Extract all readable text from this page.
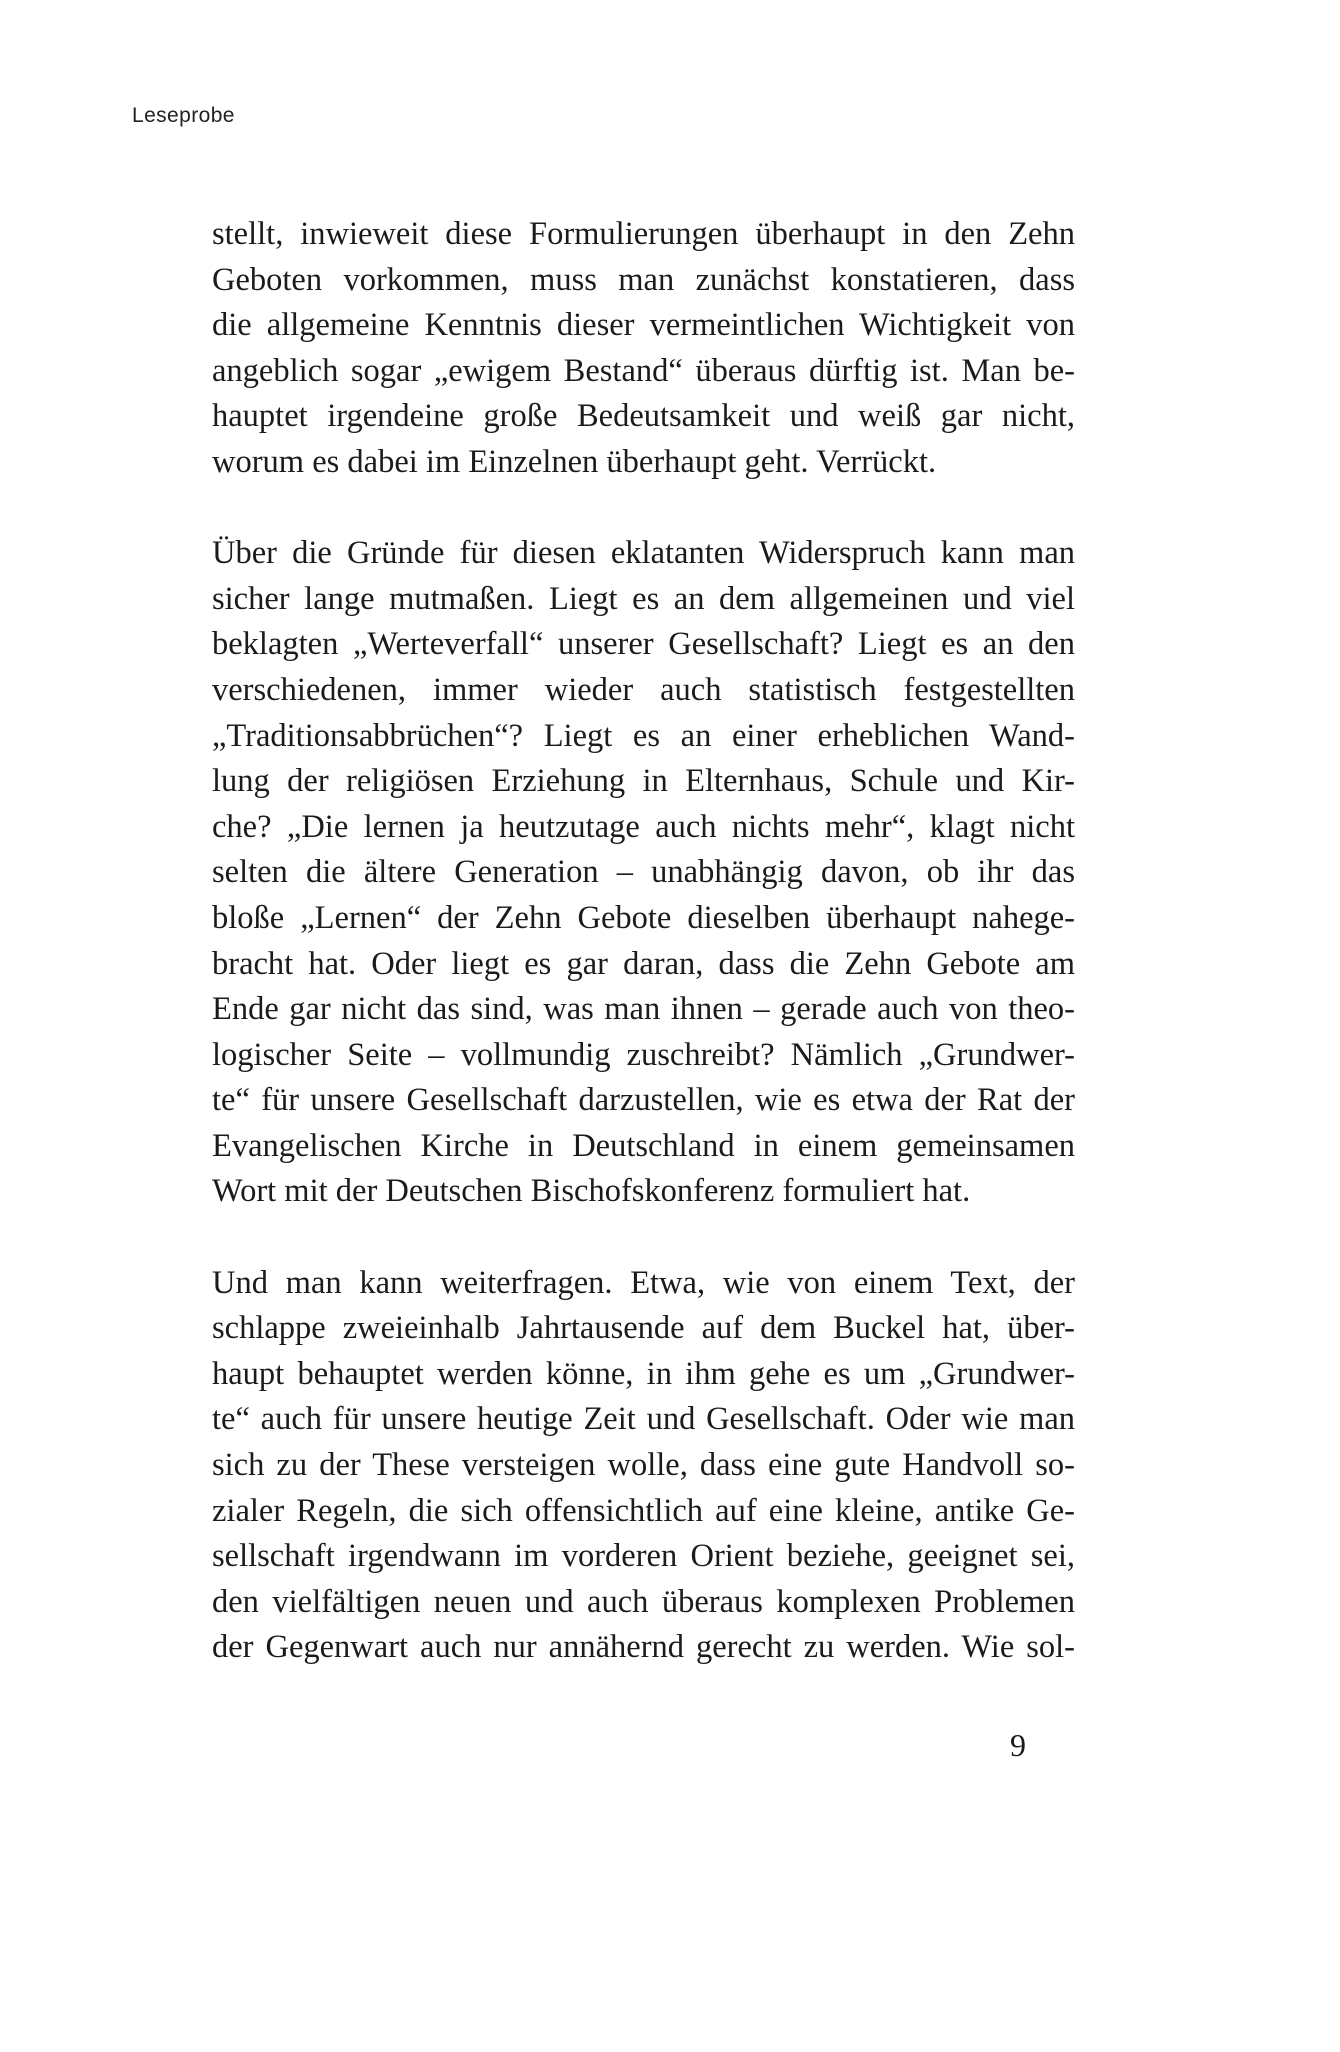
Leseprobe
stellt, inwieweit diese Formulierungen überhaupt in den Zehn
Geboten vorkommen, muss man zunächst konstatieren, dass
die allgemeine Kenntnis dieser vermeintlichen Wichtigkeit von
angeblich sogar „ewigem Bestand“ überaus dürftig ist. Man be-
hauptet irgendeine große Bedeutsamkeit und weiß gar nicht,
worum es dabei im Einzelnen überhaupt geht. Verrückt.
Über die Gründe für diesen eklatanten Widerspruch kann man
sicher lange mutmaßen. Liegt es an dem allgemeinen und viel
beklagten „Werteverfall“ unserer Gesellschaft? Liegt es an den
verschiedenen, immer wieder auch statistisch festgestellten
„Traditionsabbrüchen“? Liegt es an einer erheblichen Wand-
lung der religiösen Erziehung in Elternhaus, Schule und Kir-
che? „Die lernen ja heutzutage auch nichts mehr“, klagt nicht
selten die ältere Generation – unabhängig davon, ob ihr das
bloße „Lernen“ der Zehn Gebote dieselben überhaupt nahege-
bracht hat. Oder liegt es gar daran, dass die Zehn Gebote am
Ende gar nicht das sind, was man ihnen – gerade auch von theo-
logischer Seite – vollmundig zuschreibt? Nämlich „Grundwer-
te“ für unsere Gesellschaft darzustellen, wie es etwa der Rat der
Evangelischen Kirche in Deutschland in einem gemeinsamen
Wort mit der Deutschen Bischofskonferenz formuliert hat.
Und man kann weiterfragen. Etwa, wie von einem Text, der
schlappe zweieinhalb Jahrtausende auf dem Buckel hat, über-
haupt behauptet werden könne, in ihm gehe es um „Grundwer-
te“ auch für unsere heutige Zeit und Gesellschaft. Oder wie man
sich zu der These versteigen wolle, dass eine gute Handvoll so-
zialer Regeln, die sich offensichtlich auf eine kleine, antike Ge-
sellschaft irgendwann im vorderen Orient beziehe, geeignet sei,
den vielfältigen neuen und auch überaus komplexen Problemen
der Gegenwart auch nur annähernd gerecht zu werden. Wie sol-
9
